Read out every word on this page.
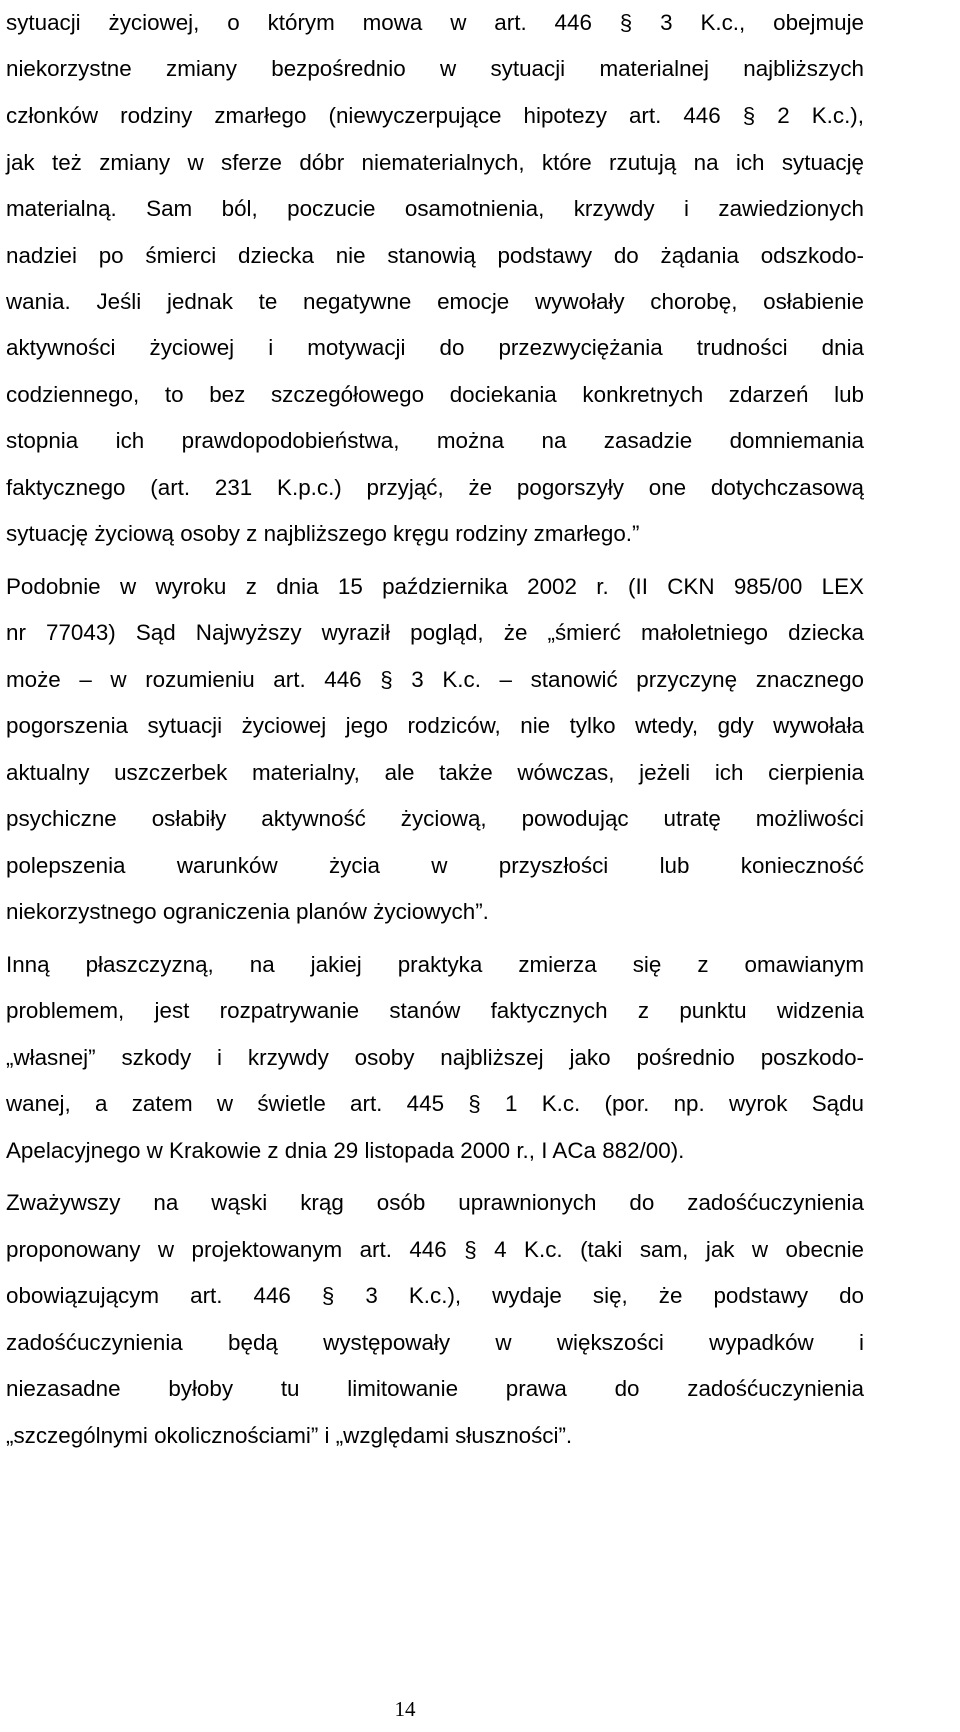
sytuacji życiowej, o którym mowa w art. 446 § 3 K.c., obejmuje
niekorzystne zmiany bezpośrednio w sytuacji materialnej najbliższych
członków rodziny zmarłego (niewyczerpujące hipotezy art. 446 § 2 K.c.),
jak też zmiany w sferze dóbr niematerialnych, które rzutują na ich sytuację
materialną. Sam ból, poczucie osamotnienia, krzywdy i zawiedzionych
nadziei po śmierci dziecka nie stanowią podstawy do żądania odszkodo-
wania. Jeśli jednak te negatywne emocje wywołały chorobę, osłabienie
aktywności życiowej i motywacji do przezwyciężania trudności dnia
codziennego, to bez szczegółowego dociekania konkretnych zdarzeń lub
stopnia ich prawdopodobieństwa, można na zasadzie domniemania
faktycznego (art. 231 K.p.c.) przyjąć, że pogorszyły one dotychczasową
sytuację życiową osoby z najbliższego kręgu rodziny zmarłego.”
Podobnie w wyroku z dnia 15 października 2002 r. (II CKN 985/00 LEX
nr 77043) Sąd Najwyższy wyraził pogląd, że „śmierć małoletniego dziecka
może – w rozumieniu art. 446 § 3 K.c. – stanowić przyczynę znacznego
pogorszenia sytuacji życiowej jego rodziców, nie tylko wtedy, gdy wywołała
aktualny uszczerbek materialny, ale także wówczas, jeżeli ich cierpienia
psychiczne osłabiły aktywność życiową, powodując utratę możliwości
polepszenia warunków życia w przyszłości lub konieczność
niekorzystnego ograniczenia planów życiowych”.
Inną płaszczyzną, na jakiej praktyka zmierza się z omawianym
problemem, jest rozpatrywanie stanów faktycznych z punktu widzenia
„własnej” szkody i krzywdy osoby najbliższej jako pośrednio poszkodo-
wanej, a zatem w świetle art. 445 § 1 K.c. (por. np. wyrok Sądu
Apelacyjnego w Krakowie z dnia 29 listopada 2000 r., I ACa 882/00).
Zważywszy na wąski krąg osób uprawnionych do zadośćuczynienia
proponowany w projektowanym art. 446 § 4 K.c. (taki sam, jak w obecnie
obowiązującym art. 446 § 3 K.c.), wydaje się, że podstawy do
zadośćuczynienia będą występowały w większości wypadków i
niezasadne byłoby tu limitowanie prawa do zadośćuczynienia
„szczególnymi okolicznościami” i „względami słuszności”.
14
